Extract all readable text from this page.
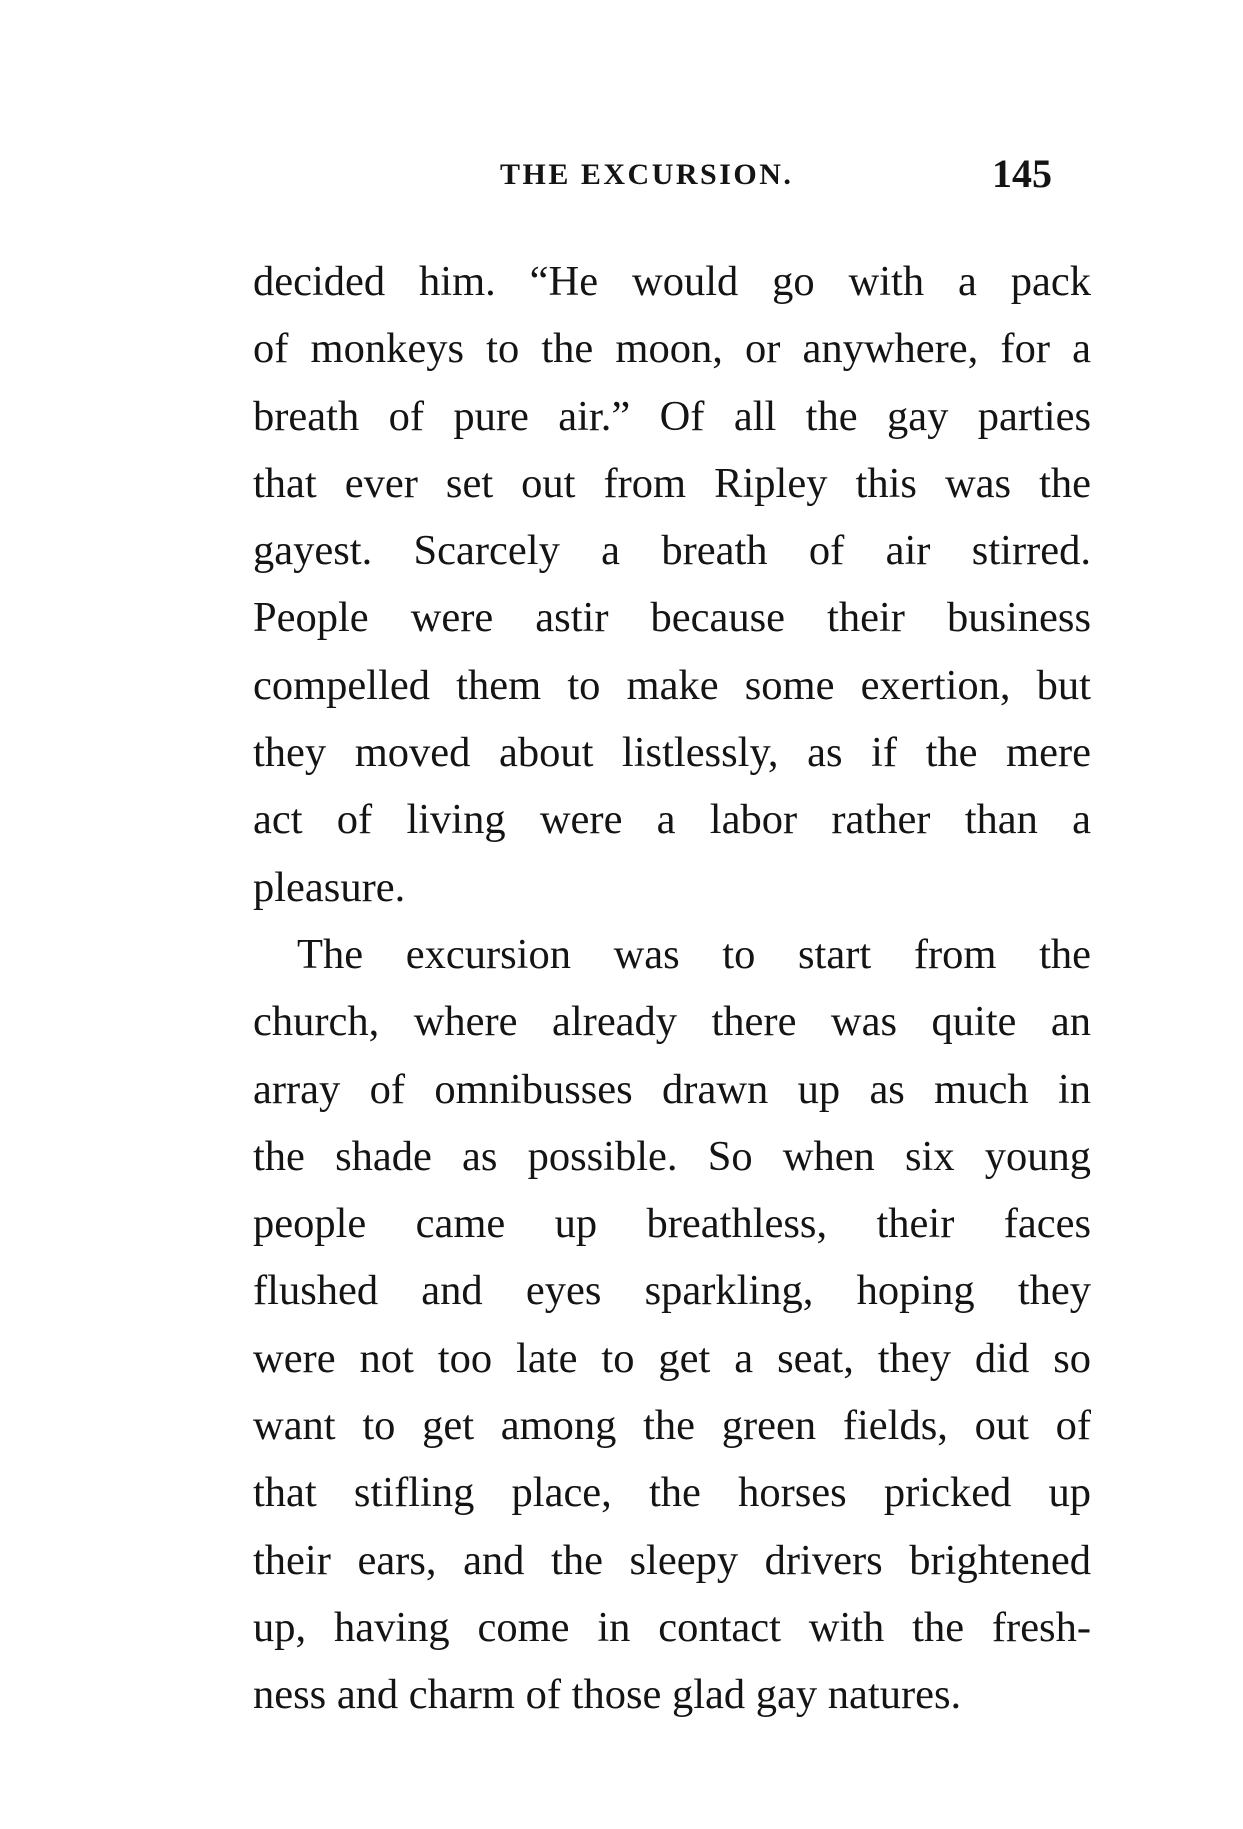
THE EXCURSION.	145
decided him. “He would go with a pack
of monkeys to the moon, or anywhere, for a
breath of pure air.” Of all the gay parties
that ever set out from Ripley this was the
gayest. Scarcely a breath of air stirred.
People were astir because their business
compelled them to make some exertion, but
they moved about listlessly, as if the mere
act of living were a labor rather than a
pleasure.
The excursion was to start from the
church, where already there was quite an
array of omnibusses drawn up as much in
the shade as possible. So when six young
people came up breathless, their faces
flushed and eyes sparkling, hoping they
were not too late to get a seat, they did so
want to get among the green fields, out of
that stifling place, the horses pricked up
their ears, and the sleepy drivers brightened
up, having come in contact with the fresh-
ness and charm of those glad gay natures.
